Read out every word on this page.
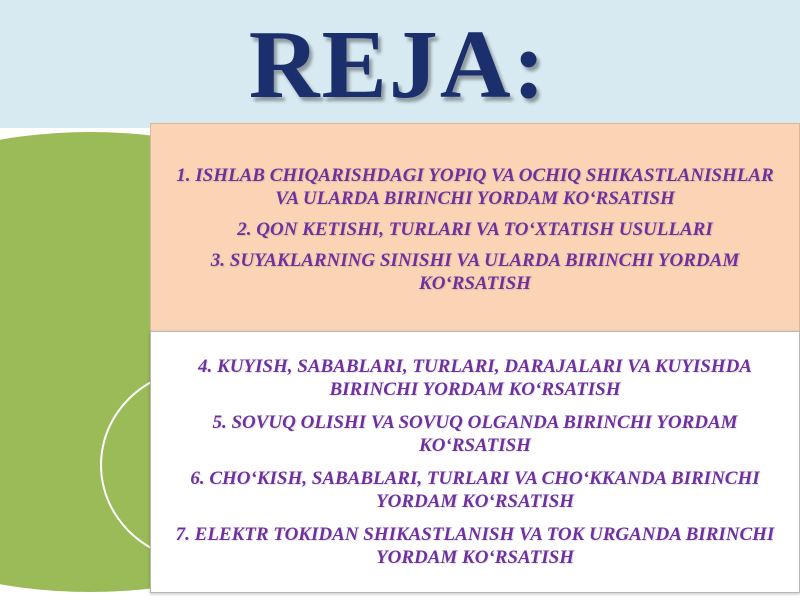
REJA:
1. ISHLAB CHIQARISHDAGI YOPIQ VA OCHIQ SHIKASTLANISHLAR VA ULARDA BIRINCHI YORDAM KO‘RSATISH
2. QON KETISHI, TURLARI VA TO‘XTATISH USULLARI
3. SUYAKLARNING SINISHI VA ULARDA BIRINCHI YORDAM KO‘RSATISH
4. KUYISH, SABABLARI, TURLARI, DARAJALARI VA KUYISHDA BIRINCHI YORDAM KO‘RSATISH
5. SOVUQ OLISHI VA SOVUQ OLGANDA BIRINCHI YORDAM KO‘RSATISH
6. CHO‘KISH, SABABLARI, TURLARI VA CHO‘KKANDA BIRINCHI YORDAM KO‘RSATISH
7. ELEKTR TOKIDAN SHIKASTLANISH VA TOK URGANDA BIRINCHI YORDAM KO‘RSATISH
